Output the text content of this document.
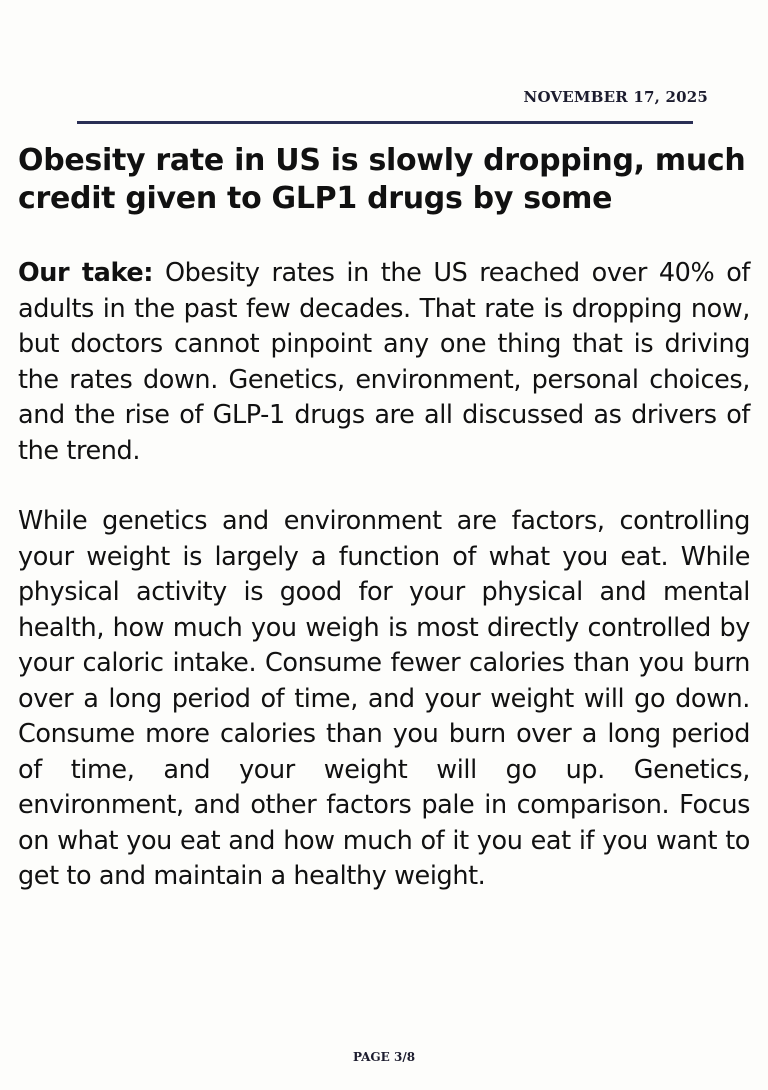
NOVEMBER 17, 2025
Obesity rate in US is slowly dropping, much credit given to GLP1 drugs by some

Our take: Obesity rates in the US reached over 40% of adults in the past few decades. That rate is dropping now, but doctors cannot pinpoint any one thing that is driving the rates down. Genetics, environment, personal choices, and the rise of GLP-1 drugs are all discussed as drivers of the trend.

While genetics and environment are factors, controlling your weight is largely a function of what you eat. While physical activity is good for your physical and mental health, how much you weigh is most directly controlled by your caloric intake. Consume fewer calories than you burn over a long period of time, and your weight will go down. Consume more calories than you burn over a long period of time, and your weight will go up. Genetics, environment, and other factors pale in comparison. Focus on what you eat and how much of it you eat if you want to get to and maintain a healthy weight.

PAGE 3/8
